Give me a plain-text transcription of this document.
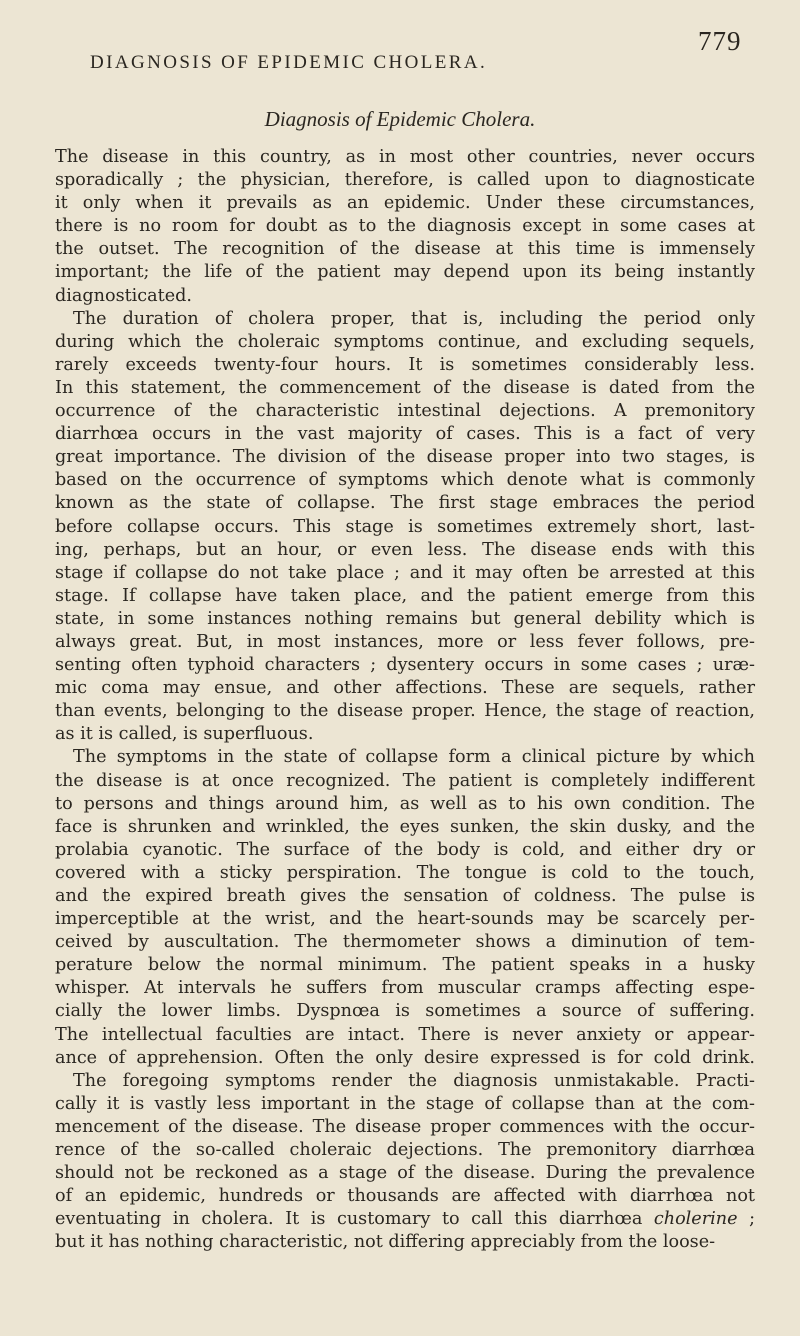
779
DIAGNOSIS OF EPIDEMIC CHOLERA.
Diagnosis of Epidemic Cholera.
The disease in this country, as in most other countries, never occurs
sporadically ; the physician, therefore, is called upon to diagnosticate
it only when it prevails as an epidemic. Under these circumstances,
there is no room for doubt as to the diagnosis except in some cases at
the outset. The recognition of the disease at this time is immensely
important; the life of the patient may depend upon its being instantly
diagnosticated.
The duration of cholera proper, that is, including the period only
during which the choleraic symptoms continue, and excluding sequels,
rarely exceeds twenty-four hours. It is sometimes considerably less.
In this statement, the commencement of the disease is dated from the
occurrence of the characteristic intestinal dejections. A premonitory
diarrhœa occurs in the vast majority of cases. This is a fact of very
great importance. The division of the disease proper into two stages, is
based on the occurrence of symptoms which denote what is commonly
known as the state of collapse. The first stage embraces the period
before collapse occurs. This stage is sometimes extremely short, last-
ing, perhaps, but an hour, or even less. The disease ends with this
stage if collapse do not take place ; and it may often be arrested at this
stage. If collapse have taken place, and the patient emerge from this
state, in some instances nothing remains but general debility which is
always great. But, in most instances, more or less fever follows, pre-
senting often typhoid characters ; dysentery occurs in some cases ; uræ-
mic coma may ensue, and other affections. These are sequels, rather
than events, belonging to the disease proper. Hence, the stage of reaction,
as it is called, is superfluous.
The symptoms in the state of collapse form a clinical picture by which
the disease is at once recognized. The patient is completely indifferent
to persons and things around him, as well as to his own condition. The
face is shrunken and wrinkled, the eyes sunken, the skin dusky, and the
prolabia cyanotic. The surface of the body is cold, and either dry or
covered with a sticky perspiration. The tongue is cold to the touch,
and the expired breath gives the sensation of coldness. The pulse is
imperceptible at the wrist, and the heart-sounds may be scarcely per-
ceived by auscultation. The thermometer shows a diminution of tem-
perature below the normal minimum. The patient speaks in a husky
whisper. At intervals he suffers from muscular cramps affecting espe-
cially the lower limbs. Dyspnœa is sometimes a source of suffering.
The intellectual faculties are intact. There is never anxiety or appear-
ance of apprehension. Often the only desire expressed is for cold drink.
The foregoing symptoms render the diagnosis unmistakable. Practi-
cally it is vastly less important in the stage of collapse than at the com-
mencement of the disease. The disease proper commences with the occur-
rence of the so-called choleraic dejections. The premonitory diarrhœa
should not be reckoned as a stage of the disease. During the prevalence
of an epidemic, hundreds or thousands are affected with diarrhœa not
eventuating in cholera. It is customary to call this diarrhœa cholerine ;
but it has nothing characteristic, not differing appreciably from the loose-
